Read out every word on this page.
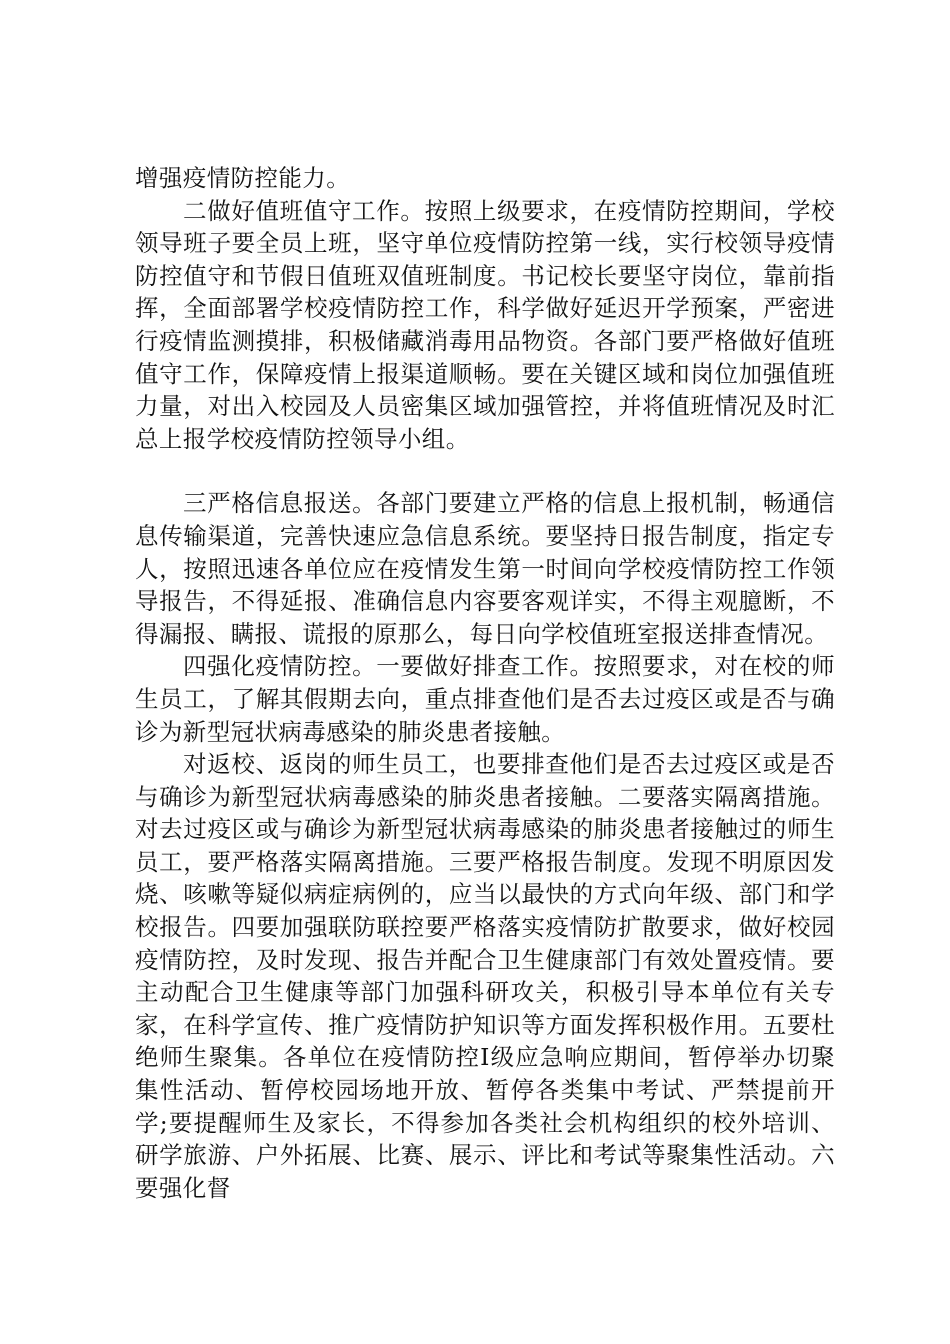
增强疫情防控能力。

二做好值班值守工作。按照上级要求，在疫情防控期间，学校领导班子要全员上班，坚守单位疫情防控第一线，实行校领导疫情防控值守和节假日值班双值班制度。书记校长要坚守岗位，靠前指挥，全面部署学校疫情防控工作，科学做好延迟开学预案，严密进行疫情监测摸排，积极储藏消毒用品物资。各部门要严格做好值班值守工作，保障疫情上报渠道顺畅。要在关键区域和岗位加强值班力量，对出入校园及人员密集区域加强管控，并将值班情况及时汇总上报学校疫情防控领导小组。

三严格信息报送。各部门要建立严格的信息上报机制，畅通信息传输渠道，完善快速应急信息系统。要坚持日报告制度，指定专人，按照迅速各单位应在疫情发生第一时间向学校疫情防控工作领导报告，不得延报、准确信息内容要客观详实，不得主观臆断，不得漏报、瞒报、谎报的原那么，每日向学校值班室报送排查情况。

四强化疫情防控。一要做好排查工作。按照要求，对在校的师生员工，了解其假期去向，重点排查他们是否去过疫区或是否与确诊为新型冠状病毒感染的肺炎患者接触。

对返校、返岗的师生员工，也要排查他们是否去过疫区或是否与确诊为新型冠状病毒感染的肺炎患者接触。二要落实隔离措施。对去过疫区或与确诊为新型冠状病毒感染的肺炎患者接触过的师生员工，要严格落实隔离措施。三要严格报告制度。发现不明原因发烧、咳嗽等疑似病症病例的，应当以最快的方式向年级、部门和学校报告。四要加强联防联控要严格落实疫情防扩散要求，做好校园疫情防控，及时发现、报告并配合卫生健康部门有效处置疫情。要主动配合卫生健康等部门加强科研攻关，积极引导本单位有关专家，在科学宣传、推广疫情防护知识等方面发挥积极作用。五要杜绝师生聚集。各单位在疫情防控Ⅰ级应急响应期间，暂停举办切聚集性活动、暂停校园场地开放、暂停各类集中考试、严禁提前开学;要提醒师生及家长，不得参加各类社会机构组织的校外培训、研学旅游、户外拓展、比赛、展示、评比和考试等聚集性活动。六要强化督
